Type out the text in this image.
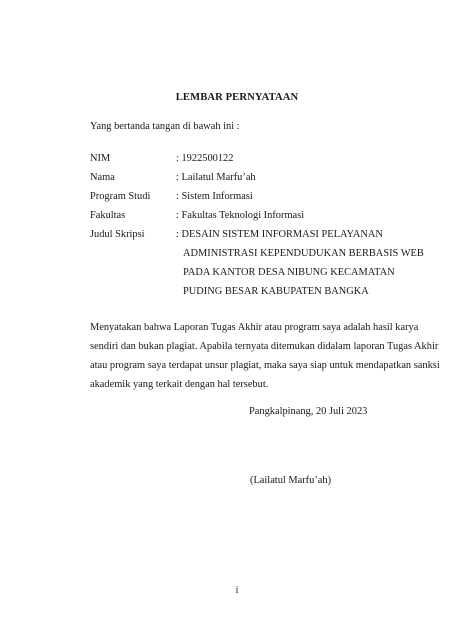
LEMBAR PERNYATAAN
Yang bertanda tangan di bawah ini :
NIM	: 1922500122
Nama	: Lailatul Marfu’ah
Program Studi : Sistem Informasi
Fakultas	: Fakultas Teknologi Informasi
Judul Skripsi	: DESAIN SISTEM INFORMASI PELAYANAN
ADMINISTRASI KEPENDUDUKAN BERBASIS WEB
PADA KANTOR DESA NIBUNG KECAMATAN
PUDING BESAR KABUPATEN BANGKA
Menyatakan bahwa Laporan Tugas Akhir atau program saya adalah hasil karya
sendiri dan bukan plagiat. Apabila ternyata ditemukan didalam laporan Tugas Akhir
atau program saya terdapat unsur plagiat, maka saya siap untuk mendapatkan sanksi
akademik yang terkait dengan hal tersebut.
Pangkalpinang, 20 Juli 2023
(Lailatul Marfu’ah)
i
